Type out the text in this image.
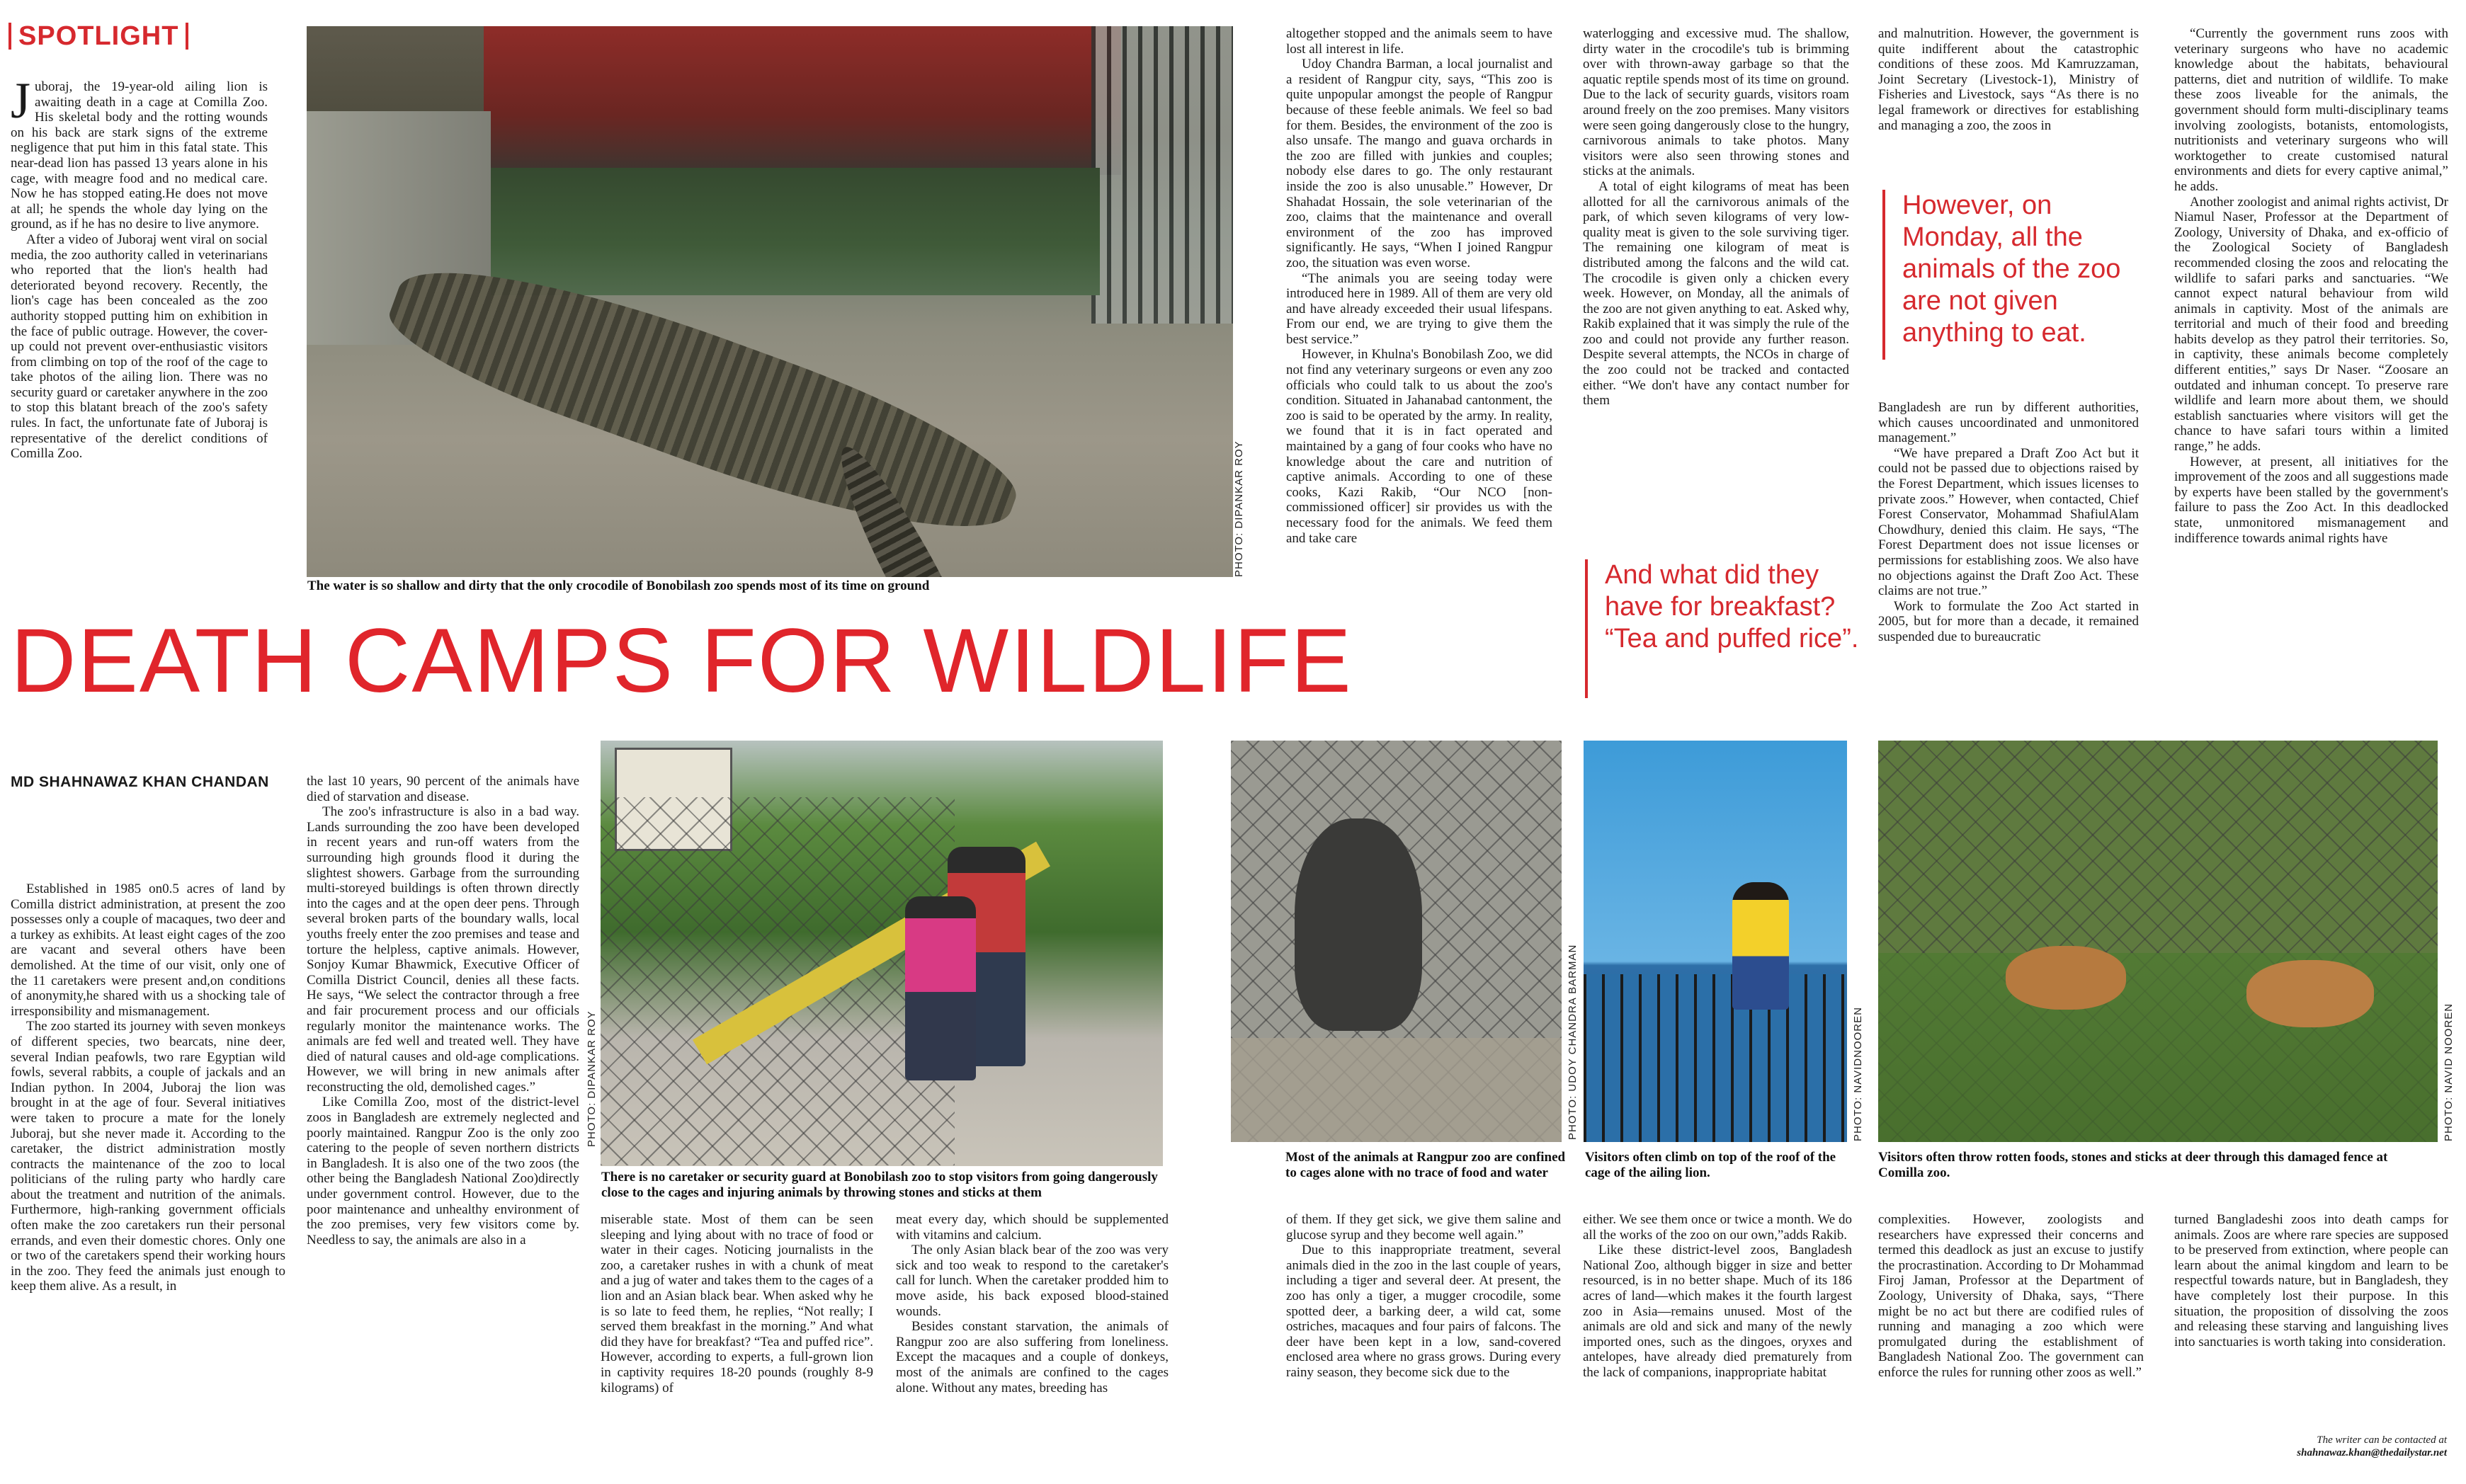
SPOTLIGHT

Juboraj, the 19-year-old ailing lion is awaiting death in a cage at Comilla Zoo. His skeletal body and the rotting wounds on his back are stark signs of the extreme negligence that put him in this fatal state. This near-dead lion has passed 13 years alone in his cage, with meagre food and no medical care. Now he has stopped eating.He does not move at all; he spends the whole day lying on the ground, as if he has no desire to live anymore.

After a video of Juboraj went viral on social media, the zoo authority called in veterinarians who reported that the lion's health had deteriorated beyond recovery. Recently, the lion's cage has been concealed as the zoo authority stopped putting him on exhibition in the face of public outrage. However, the cover-up could not prevent over-enthusiastic visitors from climbing on top of the roof of the cage to take photos of the ailing lion. There was no security guard or caretaker anywhere in the zoo to stop this blatant breach of the zoo's safety rules. In fact, the unfortunate fate of Juboraj is representative of the derelict conditions of Comilla Zoo.	PHOTO: DIPANKAR ROY
The water is so shallow and dirty that the only crocodile of Bonobilash zoo spends most of its time on ground
DEATH CAMPS FOR WILDLIFE
MD SHAHNAWAZ KHAN CHANDAN

altogether stopped and the animals seem to have lost all interest in life.

Udoy Chandra Barman, a local journalist and a resident of Rangpur city, says, “This zoo is quite unpopular amongst the people of Rangpur because of these feeble animals. We feel so bad for them. Besides, the environment of the zoo is also unsafe. The mango and guava orchards in the zoo are filled with junkies and couples; nobody else dares to go. The only restaurant inside the zoo is also unusable.” However, Dr Shahadat Hossain, the sole veterinarian of the zoo, claims that the maintenance and overall environment of the zoo has improved significantly. He says, “When I joined Rangpur zoo, the situation was even worse.

“The animals you are seeing today were introduced here in 1989. All of them are very old and have already exceeded their usual lifespans. From our end, we are trying to give them the best service.”

However, in Khulna's Bonobilash Zoo, we did not find any veterinary surgeons or even any zoo officials who could talk to us about the zoo's condition. Situated in Jahanabad cantonment, the zoo is said to be operated by the army. In reality, we found that it is in fact operated and maintained by a gang of four cooks who have no knowledge about the care and nutrition of captive animals. According to one of these cooks, Kazi Rakib, “Our NCO [non-commissioned officer] sir provides us with the necessary food for the animals. We feed them and take care

waterlogging and excessive mud. The shallow, dirty water in the crocodile's tub is brimming over with thrown-away garbage so that the aquatic reptile spends most of its time on ground. Due to the lack of security guards, visitors roam around freely on the zoo premises. Many visitors were seen going dangerously close to the hungry, carnivorous animals to take photos. Many visitors were also seen throwing stones and sticks at the animals.

A total of eight kilograms of meat has been allotted for all the carnivorous animals of the park, of which seven kilograms of very low-quality meat is given to the sole surviving tiger. The remaining one kilogram of meat is distributed among the falcons and the wild cat. The crocodile is given only a chicken every week. However, on Monday, all the animals of the zoo are not given anything to eat. Asked why, Rakib explained that it was simply the rule of the zoo and could not provide any further reason. Despite several attempts, the NCOs in charge of the zoo could not be tracked and contacted either. “We don't have any contact number for them

And what did they have for breakfast? “Tea and puffed rice”.

and malnutrition. However, the government is quite indifferent about the catastrophic conditions of these zoos. Md Kamruzzaman, Joint Secretary (Livestock-1), Ministry of Fisheries and Livestock, says “As there is no legal framework or directives for establishing and managing a zoo, the zoos in

However, on Monday, all the animals of the zoo are not given anything to eat.

Bangladesh are run by different authorities, which causes uncoordinated and unmonitored management.”

“We have prepared a Draft Zoo Act but it could not be passed due to objections raised by the Forest Department, which issues licenses to private zoos.” However, when contacted, Chief Forest Conservator, Mohammad ShafiulAlam Chowdhury, denied this claim. He says, “The Forest Department does not issue licenses or permissions for establishing zoos. We also have no objections against the Draft Zoo Act. These claims are not true.”

Work to formulate the Zoo Act started in 2005, but for more than a decade, it remained suspended due to bureaucratic

“Currently the government runs zoos with veterinary surgeons who have no academic knowledge about the habitats, behavioural patterns, diet and nutrition of wildlife. To make these zoos liveable for the animals, the government should form multi-disciplinary teams involving zoologists, botanists, entomologists, nutritionists and veterinary surgeons who will worktogether to create customised natural environments and diets for every captive animal,” he adds.

Another zoologist and animal rights activist, Dr Niamul Naser, Professor at the Department of Zoology, University of Dhaka, and ex-officio of the Zoological Society of Bangladesh recommended closing the zoos and relocating the wildlife to safari parks and sanctuaries. “We cannot expect natural behaviour from wild animals in captivity. Most of the animals are territorial and much of their food and breeding habits develop as they patrol their territories. So, in captivity, these animals become completely different entities,” says Dr Naser. “Zoosare an outdated and inhuman concept. To preserve rare wildlife and learn more about them, we should establish sanctuaries where visitors will get the chance to have safari tours within a limited range,” he adds.

However, at present, all initiatives for the improvement of the zoos and all suggestions made by experts have been stalled by the government's failure to pass the Zoo Act. In this deadlocked state, unmonitored mismanagement and indifference towards animal rights have

PHOTO: DIPANKAR ROY
There is no caretaker or security guard at Bonobilash zoo to stop visitors from going dangerously close to the cages and injuring animals by throwing stones and sticks at them
PHOTO: UDOY CHANDRA BARMAN
Most of the animals at Rangpur zoo are confined to cages alone with no trace of food and water
PHOTO: NAVIDNOOREN
Visitors often climb on top of the roof of the cage of the ailing lion.
PHOTO: NAVID NOOREN
Visitors often throw rotten foods, stones and sticks at deer through this damaged fence at Comilla zoo.

Established in 1985 on0.5 acres of land by Comilla district administration, at present the zoo possesses only a couple of macaques, two deer and a turkey as exhibits. At least eight cages of the zoo are vacant and several others have been demolished. At the time of our visit, only one of the 11 caretakers were present and,on conditions of anonymity,he shared with us a shocking tale of irresponsibility and mismanagement.

The zoo started its journey with seven monkeys of different species, two bearcats, nine deer, several Indian peafowls, two rare Egyptian wild fowls, several rabbits, a couple of jackals and an Indian python. In 2004, Juboraj the lion was brought in at the age of four. Several initiatives were taken to procure a mate for the lonely Juboraj, but she never made it. According to the caretaker, the district administration mostly contracts the maintenance of the zoo to local politicians of the ruling party who hardly care about the treatment and nutrition of the animals. Furthermore, high-ranking government officials often make the zoo caretakers run their personal errands, and even their domestic chores. Only one or two of the caretakers spend their working hours in the zoo. They feed the animals just enough to keep them alive. As a result, in

the last 10 years, 90 percent of the animals have died of starvation and disease.

The zoo's infrastructure is also in a bad way. Lands surrounding the zoo have been developed in recent years and run-off waters from the surrounding high grounds flood it during the slightest showers. Garbage from the surrounding multi-storeyed buildings is often thrown directly into the cages and at the open deer pens. Through several broken parts of the boundary walls, local youths freely enter the zoo premises and tease and torture the helpless, captive animals. However, Sonjoy Kumar Bhawmick, Executive Officer of Comilla District Council, denies all these facts. He says, “We select the contractor through a free and fair procurement process and our officials regularly monitor the maintenance works. The animals are fed well and treated well. They have died of natural causes and old-age complications. However, we will bring in new animals after reconstructing the old, demolished cages.”

Like Comilla Zoo, most of the district-level zoos in Bangladesh are extremely neglected and poorly maintained. Rangpur Zoo is the only zoo catering to the people of seven northern districts in Bangladesh. It is also one of the two zoos (the other being the Bangladesh National Zoo)directly under government control. However, due to the poor maintenance and unhealthy environment of the zoo premises, very few visitors come by. Needless to say, the animals are also in a

miserable state. Most of them can be seen sleeping and lying about with no trace of food or water in their cages. Noticing journalists in the zoo, a caretaker rushes in with a chunk of meat and a jug of water and takes them to the cages of a lion and an Asian black bear. When asked why he is so late to feed them, he replies, “Not really; I served them breakfast in the morning.” And what did they have for breakfast? “Tea and puffed rice”. However, according to experts, a full-grown lion in captivity requires 18-20 pounds (roughly 8-9 kilograms) of

meat every day, which should be supplemented with vitamins and calcium.

The only Asian black bear of the zoo was very sick and too weak to respond to the caretaker's call for lunch. When the caretaker prodded him to move aside, his back exposed blood-stained wounds.

Besides constant starvation, the animals of Rangpur zoo are also suffering from loneliness. Except the macaques and a couple of donkeys, most of the animals are confined to the cages alone. Without any mates, breeding has

of them. If they get sick, we give them saline and glucose syrup and they become well again.”

Due to this inappropriate treatment, several animals died in the zoo in the last couple of years, including a tiger and several deer. At present, the zoo has only a tiger, a mugger crocodile, some spotted deer, a barking deer, a wild cat, some ostriches, macaques and four pairs of falcons. The deer have been kept in a low, sand-covered enclosed area where no grass grows. During every rainy season, they become sick due to the

either. We see them once or twice a month. We do all the works of the zoo on our own,”adds Rakib.

Like these district-level zoos, Bangladesh National Zoo, although bigger in size and better resourced, is in no better shape. Much of its 186 acres of land—which makes it the fourth largest zoo in Asia—remains unused. Most of the animals are old and sick and many of the newly imported ones, such as the dingoes, oryxes and antelopes, have already died prematurely from the lack of companions, inappropriate habitat

complexities. However, zoologists and researchers have expressed their concerns and termed this deadlock as just an excuse to justify the procrastination. According to Dr Mohammad Firoj Jaman, Professor at the Department of Zoology, University of Dhaka, says, “There might be no act but there are codified rules of running and managing a zoo which were promulgated during the establishment of Bangladesh National Zoo. The government can enforce the rules for running other zoos as well.”

turned Bangladeshi zoos into death camps for animals. Zoos are where rare species are supposed to be preserved from extinction, where people can learn about the animal kingdom and learn to be respectful towards nature, but in Bangladesh, they have completely lost their purpose. In this situation, the proposition of dissolving the zoos and releasing these starving and languishing lives into sanctuaries is worth taking into consideration.

The writer can be contacted at
shahnawaz.khan@thedailystar.net
